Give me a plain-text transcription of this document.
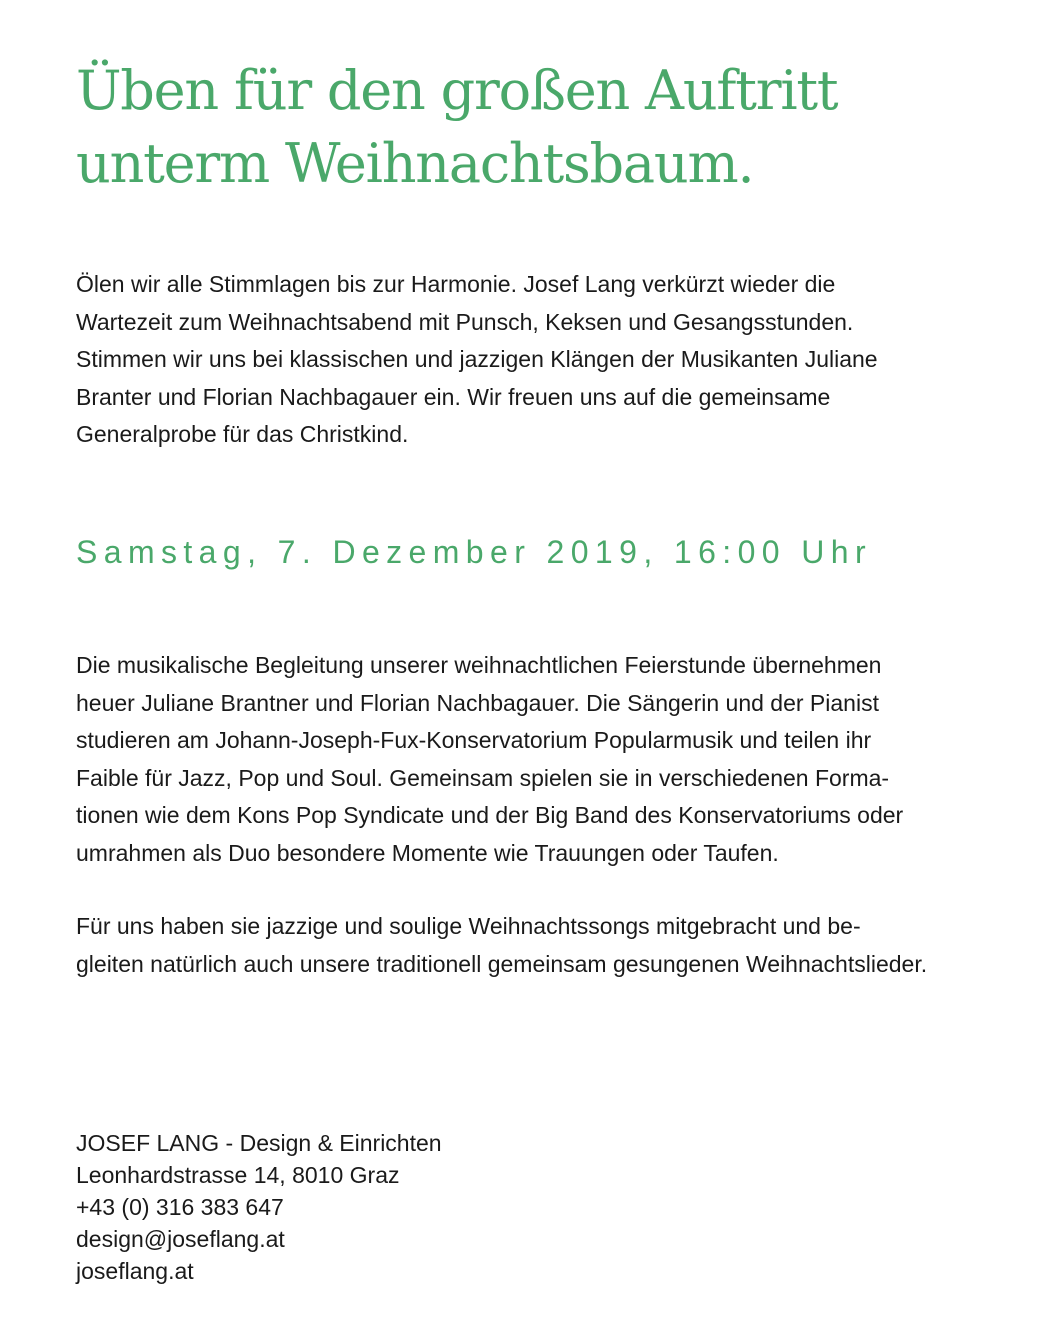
Üben für den großen Auftritt
unterm Weihnachtsbaum.

Ölen wir alle Stimmlagen bis zur Harmonie. Josef Lang verkürzt wieder die
Wartezeit zum Weihnachtsabend mit Punsch, Keksen und Gesangsstunden.
Stimmen wir uns bei klassischen und jazzigen Klängen der Musikanten Juliane
Branter und Florian Nachbagauer ein. Wir freuen uns auf die gemeinsame
Generalprobe für das Christkind.

Samstag, 7. Dezember 2019, 16:00 Uhr

Die musikalische Begleitung unserer weihnachtlichen Feierstunde übernehmen
heuer Juliane Brantner und Florian Nachbagauer. Die Sängerin und der Pianist
studieren am Johann-Joseph-Fux-Konservatorium Popularmusik und teilen ihr
Faible für Jazz, Pop und Soul. Gemeinsam spielen sie in verschiedenen Forma-
tionen wie dem Kons Pop Syndicate und der Big Band des Konservatoriums oder
umrahmen als Duo besondere Momente wie Trauungen oder Taufen.

Für uns haben sie jazzige und soulige Weihnachtssongs mitgebracht und be-
gleiten natürlich auch unsere traditionell gemeinsam gesungenen Weihnachtslieder.

JOSEF LANG - Design & Einrichten
Leonhardstrasse 14, 8010 Graz
+43 (0) 316 383 647
design@joseflang.at
joseflang.at
